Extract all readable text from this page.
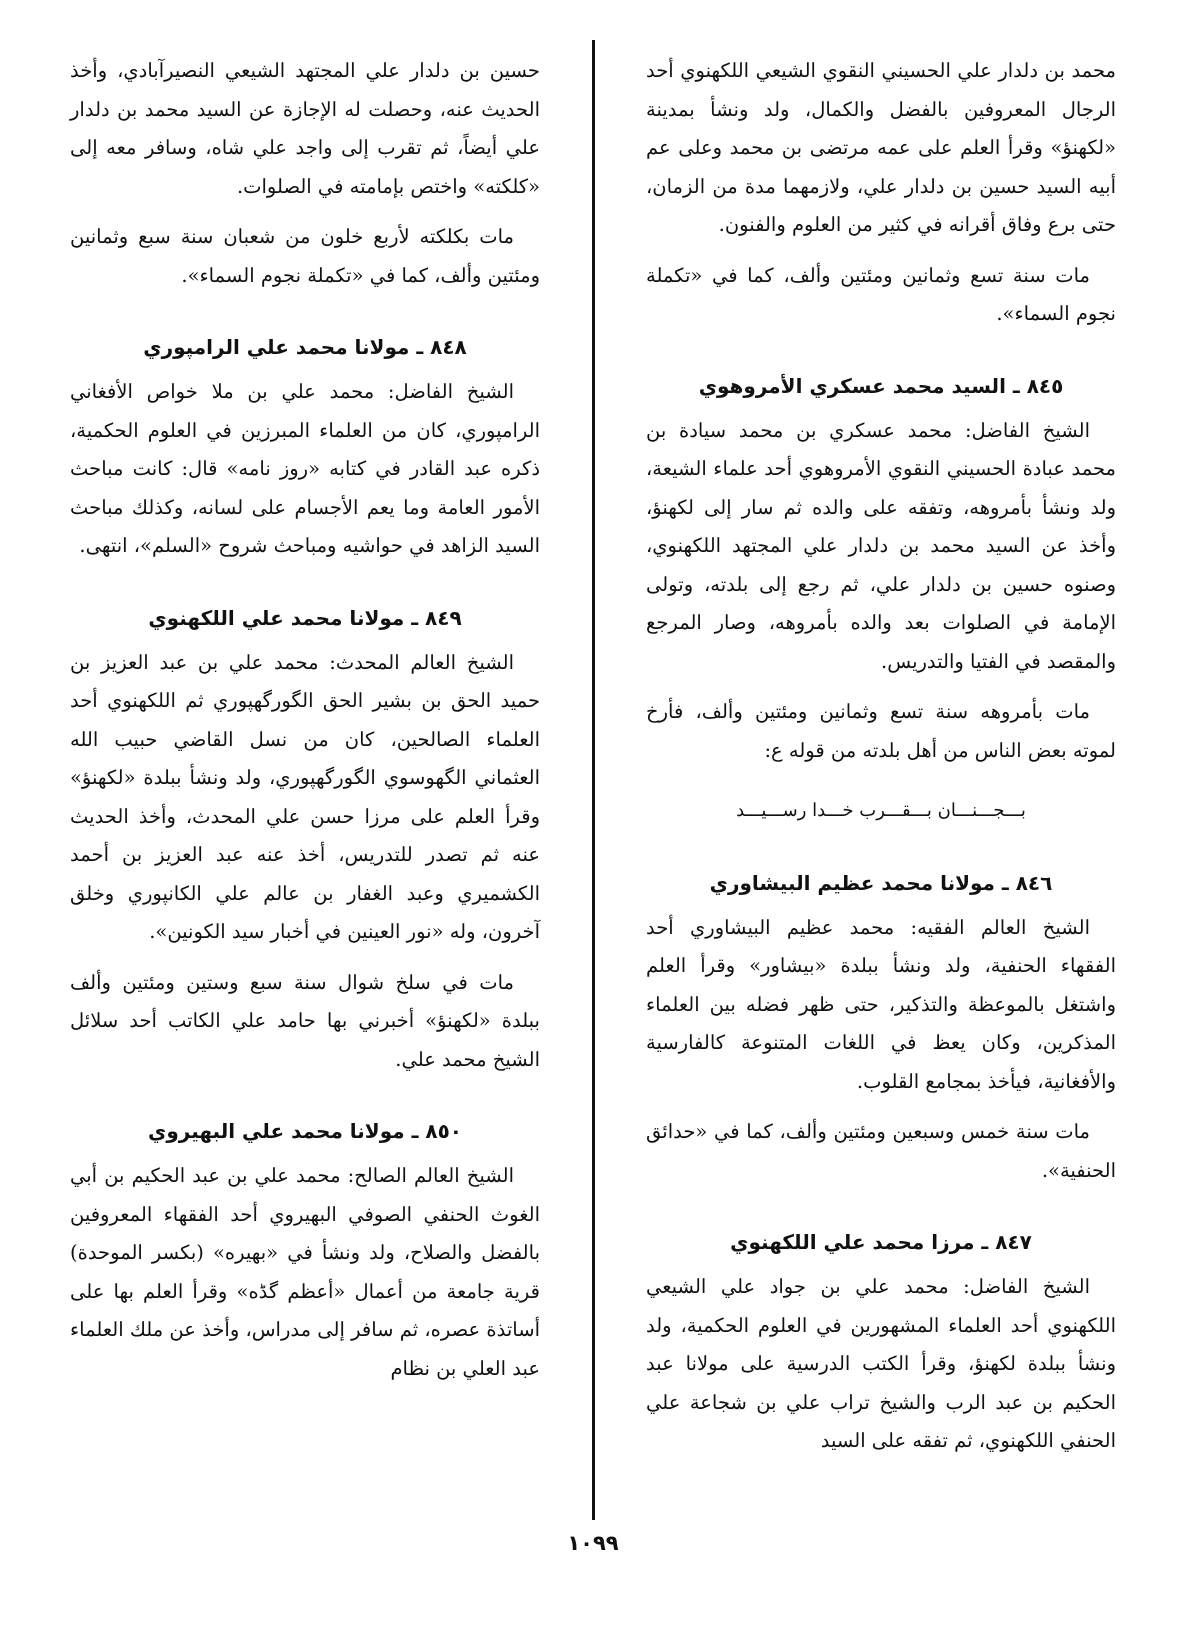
محمد بن دلدار علي الحسيني النقوي الشيعي اللكهنوي أحد الرجال المعروفين بالفضل والكمال، ولد ونشأ بمدينة «لكهنؤ» وقرأ العلم على عمه مرتضى بن محمد وعلى عم أبيه السيد حسين بن دلدار علي، ولازمهما مدة من الزمان، حتى برع وفاق أقرانه في كثير من العلوم والفنون.

مات سنة تسع وثمانين ومئتين وألف، كما في «تكملة نجوم السماء».

٨٤٥ ـ السيد محمد عسكري الأمروهوي

الشيخ الفاضل: محمد عسكري بن محمد سيادة بن محمد عبادة الحسيني النقوي الأمروهوي أحد علماء الشيعة، ولد ونشأ بأمروهه، وتفقه على والده ثم سار إلى لكهنؤ، وأخذ عن السيد محمد بن دلدار علي المجتهد اللكهنوي، وصنوه حسين بن دلدار علي، ثم رجع إلى بلدته، وتولى الإمامة في الصلوات بعد والده بأمروهه، وصار المرجع والمقصد في الفتيا والتدريس.

مات بأمروهه سنة تسع وثمانين ومئتين وألف، فأرخ لموته بعض الناس من أهل بلدته من قوله ع:

بـــجـــنـــان بـــقـــرب خـــدا رســـيـــد
٨٤٦ ـ مولانا محمد عظيم البيشاوري

الشيخ العالم الفقيه: محمد عظيم البيشاوري أحد الفقهاء الحنفية، ولد ونشأ ببلدة «بيشاور» وقرأ العلم واشتغل بالموعظة والتذكير، حتى ظهر فضله بين العلماء المذكرين، وكان يعظ في اللغات المتنوعة كالفارسية والأفغانية، فيأخذ بمجامع القلوب.

مات سنة خمس وسبعين ومئتين وألف، كما في «حدائق الحنفية».

٨٤٧ ـ مرزا محمد علي اللكهنوي

الشيخ الفاضل: محمد علي بن جواد علي الشيعي اللكهنوي أحد العلماء المشهورين في العلوم الحكمية، ولد ونشأ ببلدة لكهنؤ، وقرأ الكتب الدرسية على مولانا عبد الحكيم بن عبد الرب والشيخ تراب علي بن شجاعة علي الحنفي اللكهنوي، ثم تفقه على السيد

حسين بن دلدار علي المجتهد الشيعي النصيرآبادي، وأخذ الحديث عنه، وحصلت له الإجازة عن السيد محمد بن دلدار علي أيضاً، ثم تقرب إلى واجد علي شاه، وسافر معه إلى «كلكته» واختص بإمامته في الصلوات.

مات بكلكته لأربع خلون من شعبان سنة سبع وثمانين ومئتين وألف، كما في «تكملة نجوم السماء».

٨٤٨ ـ مولانا محمد علي الرامپوري

الشيخ الفاضل: محمد علي بن ملا خواص الأفغاني الرامپوري، كان من العلماء المبرزين في العلوم الحكمية، ذكره عبد القادر في كتابه «روز نامه» قال: كانت مباحث الأمور العامة وما يعم الأجسام على لسانه، وكذلك مباحث السيد الزاهد في حواشيه ومباحث شروح «السلم»، انتهى.

٨٤٩ ـ مولانا محمد علي اللكهنوي

الشيخ العالم المحدث: محمد علي بن عبد العزيز بن حميد الحق بن بشير الحق الگورگهپوري ثم اللكهنوي أحد العلماء الصالحين، كان من نسل القاضي حبيب الله العثماني الگهوسوي الگورگهپوري، ولد ونشأ ببلدة «لكهنؤ» وقرأ العلم على مرزا حسن علي المحدث، وأخذ الحديث عنه ثم تصدر للتدريس، أخذ عنه عبد العزيز بن أحمد الكشميري وعبد الغفار بن عالم علي الكانپوري وخلق آخرون، وله «نور العينين في أخبار سيد الكونين».

مات في سلخ شوال سنة سبع وستين ومئتين وألف ببلدة «لكهنؤ» أخبرني بها حامد علي الكاتب أحد سلائل الشيخ محمد علي.

٨٥٠ ـ مولانا محمد علي البهيروي

الشيخ العالم الصالح: محمد علي بن عبد الحكيم بن أبي الغوث الحنفي الصوفي البهيروي أحد الفقهاء المعروفين بالفضل والصلاح، ولد ونشأ في «بهيره» (بكسر الموحدة) قرية جامعة من أعمال «أعظم گڈه» وقرأ العلم بها على أساتذة عصره، ثم سافر إلى مدراس، وأخذ عن ملك العلماء عبد العلي بن نظام

١٠٩٩
